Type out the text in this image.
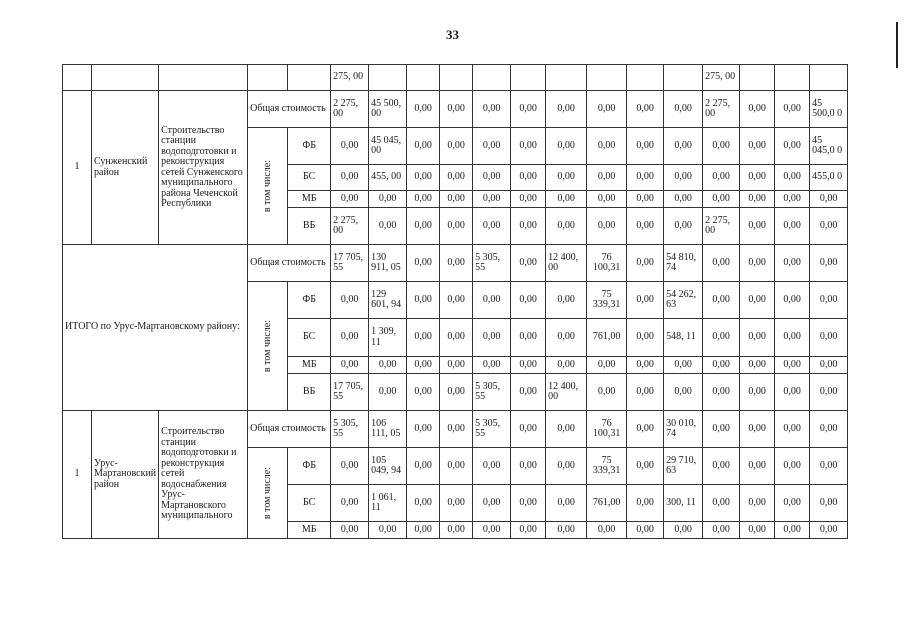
33
					275, 00										275, 00			
1	Сунженский район	Строительство станции водоподготовки и реконструкция сетей Сунженского муниципального района Чеченской Республики	Общая стоимость		2 275, 00	45 500, 00	0,00	0,00	0,00	0,00	0,00	0,00	0,00	0,00	2 275, 00	0,00	0,00	45 500,0 0

			в том числе:	ФБ	0,00	45 045, 00	0,00	0,00	0,00	0,00	0,00	0,00	0,00	0,00	0,00	0,00	0,00	45 045,0 0
				БС	0,00	455, 00	0,00	0,00	0,00	0,00	0,00	0,00	0,00	0,00	0,00	0,00	0,00	455,0 0
				МБ	0,00	0,00	0,00	0,00	0,00	0,00	0,00	0,00	0,00	0,00	0,00	0,00	0,00	0,00
				ВБ	2 275, 00	0,00	0,00	0,00	0,00	0,00	0,00	0,00	0,00	0,00	2 275, 00	0,00	0,00	0,00
ИТОГО по Урус-Мартановскому району:			Общая стоимость		17 705, 55	130 911, 05	0,00	0,00	5 305, 55	0,00	12 400, 00	76 100,31	0,00	54 810, 74	0,00	0,00	0,00	0,00

			в том числе:	ФБ	0,00	129 601, 94	0,00	0,00	0,00	0,00	0,00	75 339,31	0,00	54 262, 63	0,00	0,00	0,00	0,00
				БС	0,00	1 309, 11	0,00	0,00	0,00	0,00	0,00	761,00	0,00	548, 11	0,00	0,00	0,00	0,00
				МБ	0,00	0,00	0,00	0,00	0,00	0,00	0,00	0,00	0,00	0,00	0,00	0,00	0,00	0,00
				ВБ	17 705, 55	0,00	0,00	0,00	5 305, 55	0,00	12 400, 00	0,00	0,00	0,00	0,00	0,00	0,00	0,00
1	Урус-Мартановский район	Строительство станции водоподготовки и реконструкция сетей водоснабжения Урус-Мартановского муниципального	Общая стоимость		5 305, 55	106 111, 05	0,00	0,00	5 305, 55	0,00	0,00	76 100,31	0,00	30 010, 74	0,00	0,00	0,00	0,00

			в том числе:	ФБ	0,00	105 049, 94	0,00	0,00	0,00	0,00	0,00	75 339,31	0,00	29 710, 63	0,00	0,00	0,00	0,00
				БС	0,00	1 061, 11	0,00	0,00	0,00	0,00	0,00	761,00	0,00	300, 11	0,00	0,00	0,00	0,00
				МБ	0,00	0,00	0,00	0,00	0,00	0,00	0,00	0,00	0,00	0,00	0,00	0,00	0,00	0,00
